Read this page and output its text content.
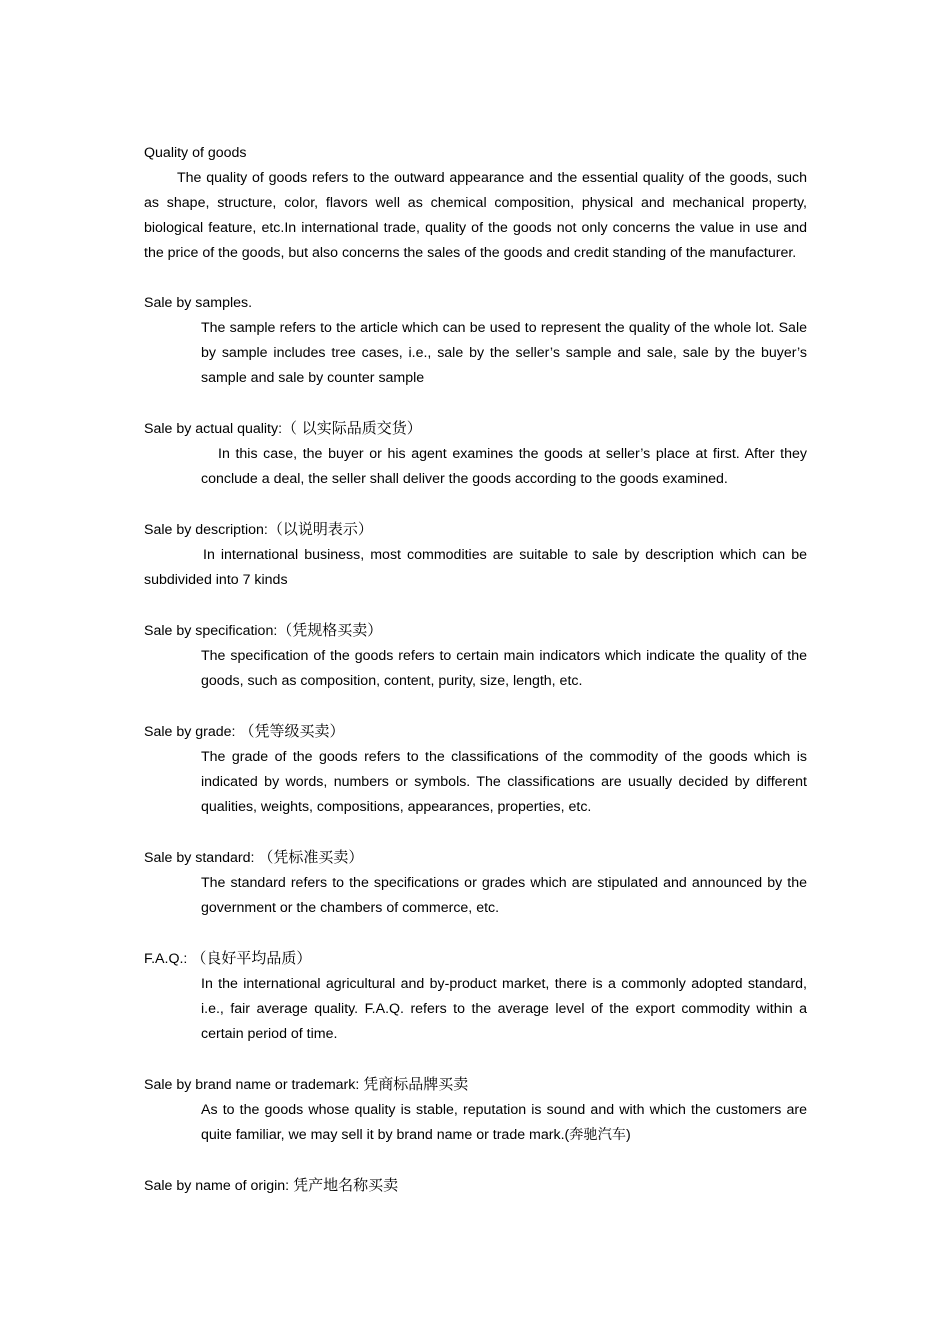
Quality of goods

The quality of goods refers to the outward appearance and the essential quality of the goods, such as shape, structure, color, flavors well as chemical composition, physical and mechanical property, biological feature, etc.In international trade, quality of the goods not only concerns the value in use and the price of the goods, but also concerns the sales of the goods and credit standing of the manufacturer.

Sale by samples.

The sample refers to the article which can be used to represent the quality of the whole lot. Sale by sample includes tree cases, i.e., sale by the seller’s sample and sale, sale by the buyer’s sample and sale by counter sample

Sale by actual quality:（ 以实际品质交货）

In this case, the buyer or his agent examines the goods at seller’s place at first. After they conclude a deal, the seller shall deliver the goods according to the goods examined.

Sale by description:（以说明表示）

In international business, most commodities are suitable to sale by description which can be subdivided into 7 kinds

Sale by specification:（凭规格买卖）

The specification of the goods refers to certain main indicators which indicate the quality of the goods, such as composition, content, purity, size, length, etc.

Sale by grade: （凭等级买卖）

The grade of the goods refers to the classifications of the commodity of the goods which is indicated by words, numbers or symbols. The classifications are usually decided by different qualities, weights, compositions, appearances, properties, etc.

Sale by standard: （凭标准买卖）

The standard refers to the specifications or grades which are stipulated and announced by the government or the chambers of commerce, etc.

F.A.Q.: （良好平均品质）

In the international agricultural and by-product market, there is a commonly adopted standard, i.e., fair average quality. F.A.Q. refers to the average level of the export commodity within a certain period of time.

Sale by brand name or trademark: 凭商标品牌买卖

As to the goods whose quality is stable, reputation is sound and with which the customers are quite familiar, we may sell it by brand name or trade mark.(奔驰汽车)

Sale by name of origin: 凭产地名称买卖
